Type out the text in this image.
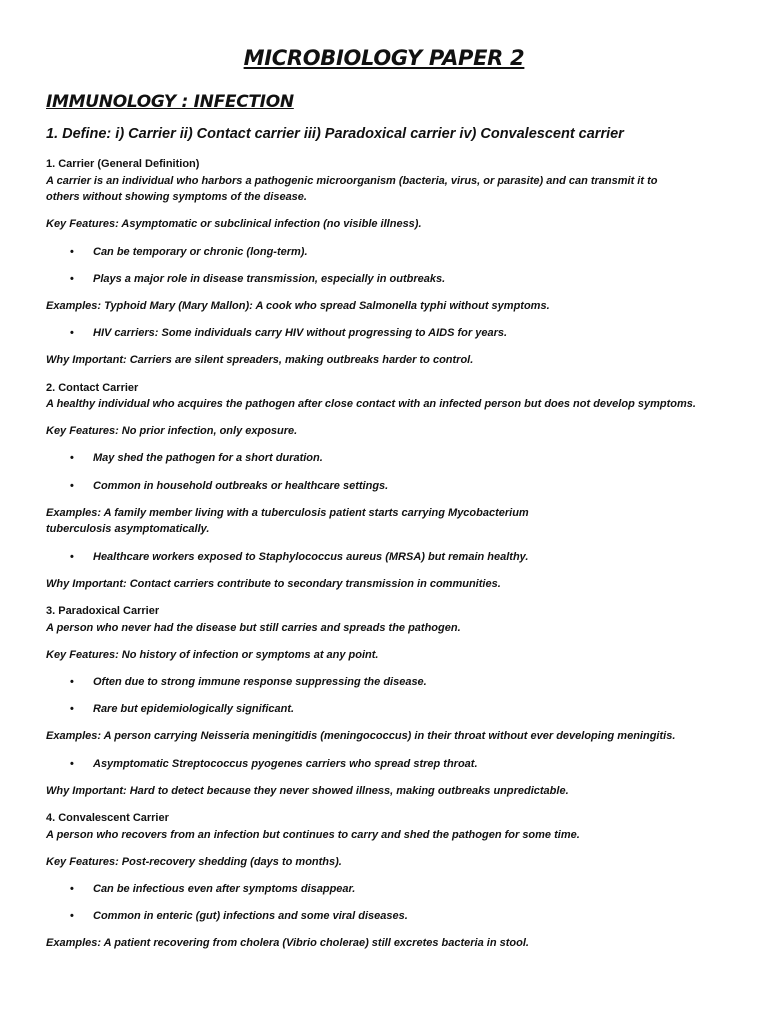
MICROBIOLOGY PAPER 2
IMMUNOLOGY : INFECTION

1. Define: i) Carrier ii) Contact carrier iii) Paradoxical carrier iv) Convalescent carrier

1. Carrier (General Definition)

A carrier is an individual who harbors a pathogenic microorganism (bacteria, virus, or parasite) and can transmit it to

others without showing symptoms of the disease.

Key Features: Asymptomatic or subclinical infection (no visible illness).

• Can be temporary or chronic (long-term).
• Plays a major role in disease transmission, especially in outbreaks.

Examples: Typhoid Mary (Mary Mallon): A cook who spread Salmonella typhi without symptoms.

• HIV carriers: Some individuals carry HIV without progressing to AIDS for years.

Why Important: Carriers are silent spreaders, making outbreaks harder to control.

2. Contact Carrier

A healthy individual who acquires the pathogen after close contact with an infected person but does not develop symptoms.

Key Features: No prior infection, only exposure.

• May shed the pathogen for a short duration.
• Common in household outbreaks or healthcare settings.

Examples: A family member living with a tuberculosis patient starts carrying Mycobacterium

tuberculosis asymptomatically.

• Healthcare workers exposed to Staphylococcus aureus (MRSA) but remain healthy.

Why Important: Contact carriers contribute to secondary transmission in communities.

3. Paradoxical Carrier

A person who never had the disease but still carries and spreads the pathogen.

Key Features: No history of infection or symptoms at any point.

• Often due to strong immune response suppressing the disease.
• Rare but epidemiologically significant.

Examples: A person carrying Neisseria meningitidis (meningococcus) in their throat without ever developing meningitis.

• Asymptomatic Streptococcus pyogenes carriers who spread strep throat.

Why Important: Hard to detect because they never showed illness, making outbreaks unpredictable.

4. Convalescent Carrier

A person who recovers from an infection but continues to carry and shed the pathogen for some time.

Key Features: Post-recovery shedding (days to months).

• Can be infectious even after symptoms disappear.
• Common in enteric (gut) infections and some viral diseases.

Examples: A patient recovering from cholera (Vibrio cholerae) still excretes bacteria in stool.
